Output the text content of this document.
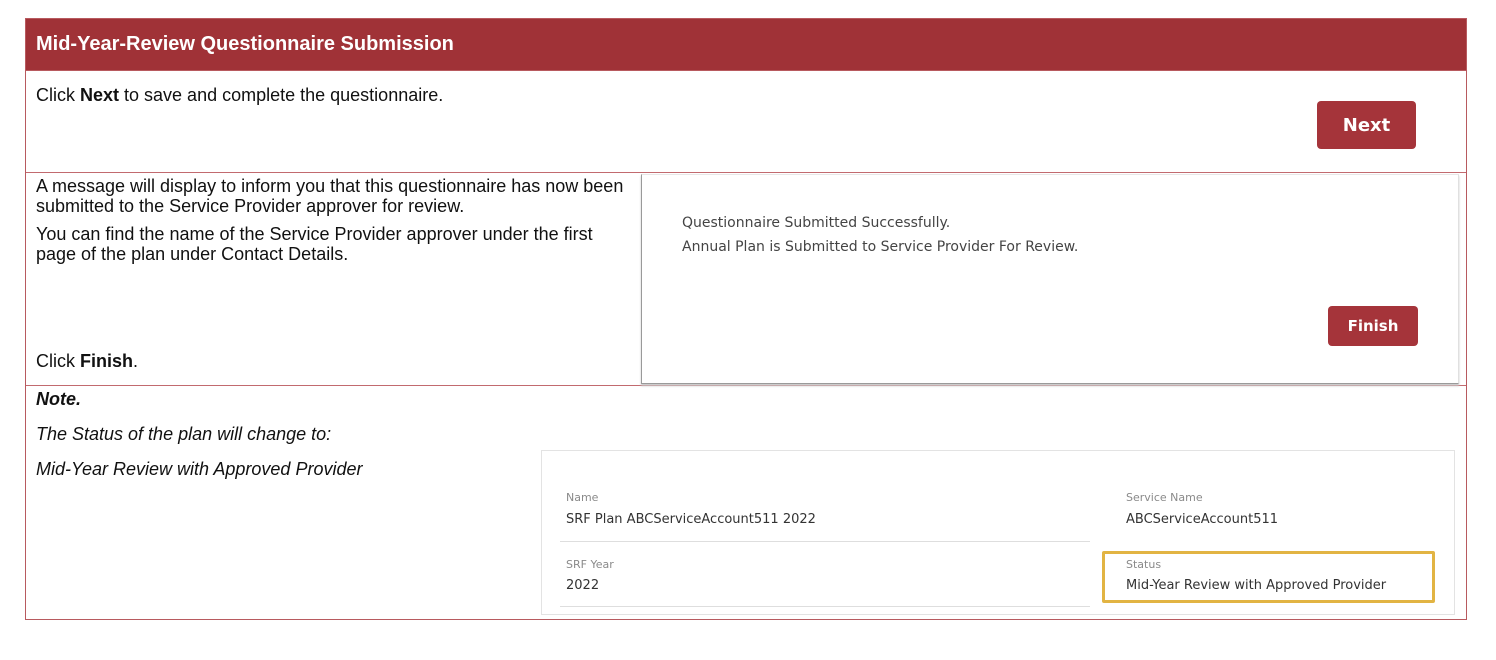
Mid-Year-Review Questionnaire Submission
Click Next to save and complete the questionnaire.
Next

A message will display to inform you that this questionnaire has now been submitted to the Service Provider approver for review.

You can find the name of the Service Provider approver under the first page of the plan under Contact Details.

Click Finish.
Questionnaire Submitted Successfully.
Annual Plan is Submitted to Service Provider For Review.
Finish
Note.
The Status of the plan will change to:
Mid-Year Review with Approved Provider
Name
SRF Plan ABCServiceAccount511 2022
Service Name
ABCServiceAccount511
SRF Year
2022
Status
Mid-Year Review with Approved Provider
